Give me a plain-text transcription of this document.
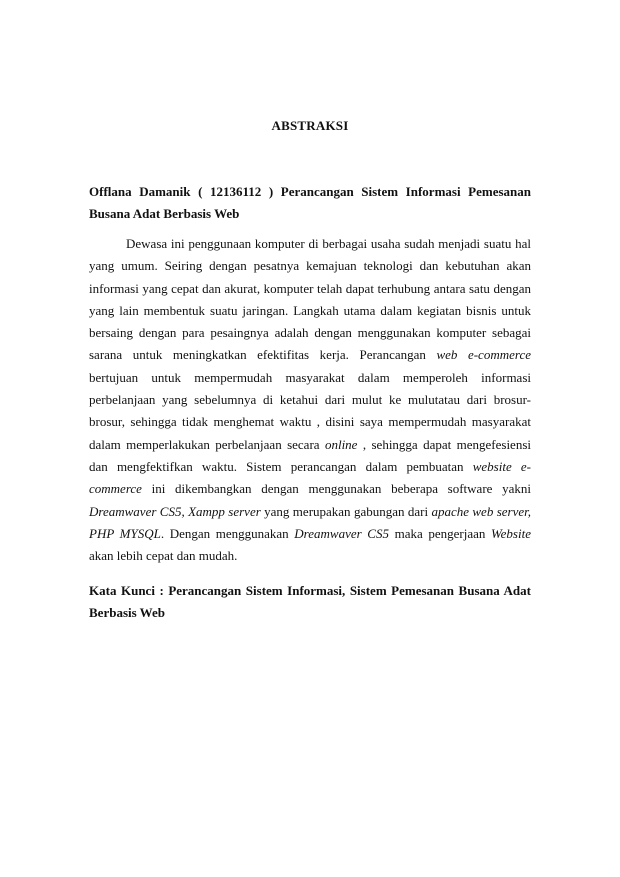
ABSTRAKSI
Offlana Damanik ( 12136112 ) Perancangan Sistem Informasi Pemesanan Busana Adat Berbasis Web
Dewasa ini penggunaan komputer di berbagai usaha sudah menjadi suatu hal yang umum. Seiring dengan pesatnya kemajuan teknologi dan kebutuhan akan informasi yang cepat dan akurat, komputer telah dapat terhubung antara satu dengan yang lain membentuk suatu jaringan. Langkah utama dalam kegiatan bisnis untuk bersaing dengan para pesaingnya adalah dengan menggunakan komputer sebagai sarana untuk meningkatkan efektifitas kerja. Perancangan web e-commerce bertujuan untuk mempermudah masyarakat dalam memperoleh informasi perbelanjaan yang sebelumnya di ketahui dari mulut ke mulutatau dari brosur-brosur, sehingga tidak menghemat waktu , disini saya mempermudah masyarakat dalam memperlakukan perbelanjaan secara online , sehingga dapat mengefesiensi dan mengfektifkan waktu. Sistem perancangan dalam pembuatan website e-commerce ini dikembangkan dengan menggunakan beberapa software yakni Dreamwaver CS5, Xampp server yang merupakan gabungan dari apache web server, PHP MYSQL. Dengan menggunakan Dreamwaver CS5 maka pengerjaan Website akan lebih cepat dan mudah.
Kata Kunci : Perancangan Sistem Informasi, Sistem Pemesanan Busana Adat Berbasis Web
